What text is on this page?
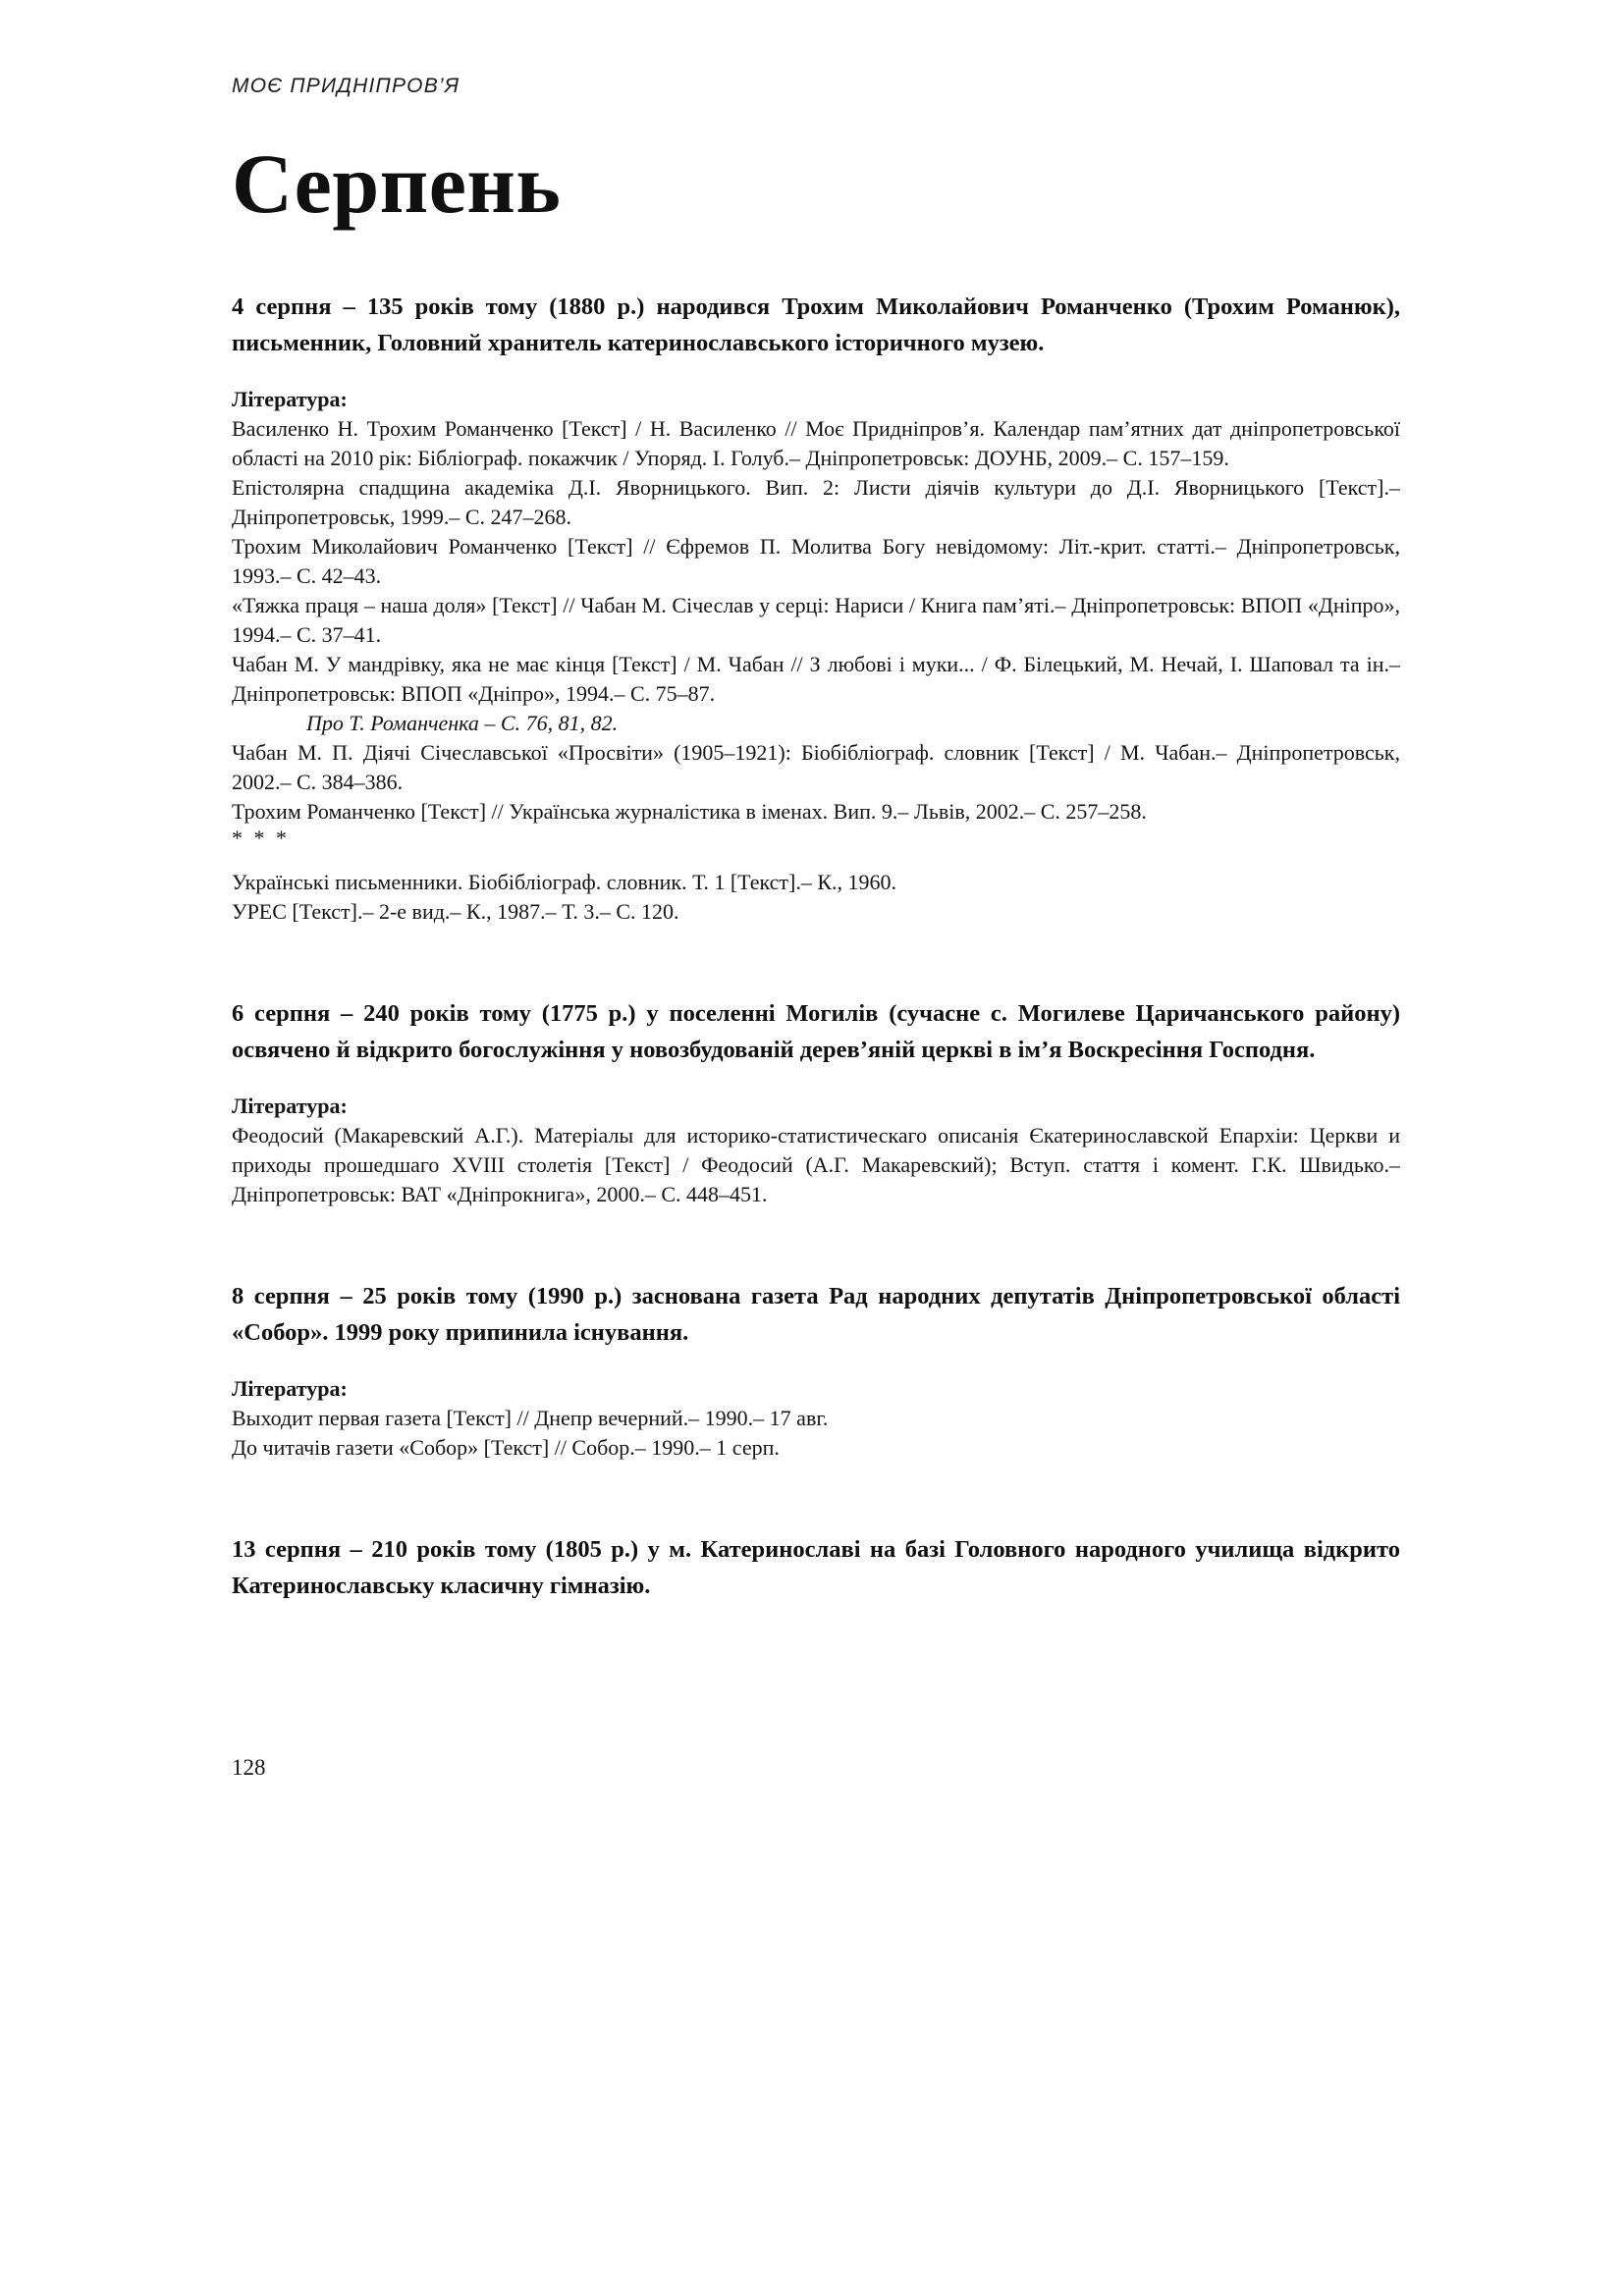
МОЄ ПРИДНІПРОВ’Я
Серпень

4 серпня – 135 років тому (1880 р.) народився Трохим Миколайович Романченко (Трохим Романюк), письменник, Головний хранитель катеринославського історичного музею.

Література:

Василенко Н. Трохим Романченко [Текст] / Н. Василенко // Моє Придніпров’я. Календар пам’ятних дат дніпропетровської області на 2010 рік: Бібліограф. покажчик / Упоряд. І. Голуб.– Дніпропетровськ: ДОУНБ, 2009.– С. 157–159.

Епістолярна спадщина академіка Д.І. Яворницького. Вип. 2: Листи діячів культури до Д.І. Яворницького [Текст].– Дніпропетровськ, 1999.– С. 247–268.

Трохим Миколайович Романченко [Текст] // Єфремов П. Молитва Богу невідомому: Літ.-крит. статті.– Дніпропетровськ, 1993.– С. 42–43.

«Тяжка праця – наша доля» [Текст] // Чабан М. Січеслав у серці: Нариси / Книга пам’яті.– Дніпропетровськ: ВПОП «Дніпро», 1994.– С. 37–41.

Чабан М. У мандрівку, яка не має кінця [Текст] / М. Чабан // З любові і муки... / Ф. Білецький, М. Нечай, І. Шаповал та ін.– Дніпропетровськ: ВПОП «Дніпро», 1994.– С. 75–87.

Про Т. Романченка – С. 76, 81, 82.

Чабан М. П. Діячі Січеславської «Просвіти» (1905–1921): Біобібліограф. словник [Текст] / М. Чабан.– Дніпропетровськ, 2002.– С. 384–386.

Трохим Романченко [Текст] // Українська журналістика в іменах. Вип. 9.– Львів, 2002.– С. 257–258.

* * *

Українські письменники. Біобібліограф. словник. Т. 1 [Текст].– К., 1960.

УРЕС [Текст].– 2-е вид.– К., 1987.– Т. 3.– С. 120.

6 серпня – 240 років тому (1775 р.) у поселенні Могилів (сучасне с. Могилеве Царичанського району) освячено й відкрито богослужіння у новозбудованій дерев’яній церкві в ім’я Воскресіння Господня.

Література:

Феодосий (Макаревский А.Г.). Матеріалы для историко-статистическаго описанія Єкатеринославской Епархіи: Церкви и приходы прошедшаго XVIII столетія [Текст] / Феодосий (А.Г. Макаревский); Вступ. стаття і комент. Г.К. Швидько.– Дніпропетровськ: ВАТ «Дніпрокнига», 2000.– С. 448–451.

8 серпня – 25 років тому (1990 р.) заснована газета Рад народних депутатів Дніпропетровської області «Собор». 1999 року припинила існування.

Література:

Выходит первая газета [Текст] // Днепр вечерний.– 1990.– 17 авг.

До читачів газети «Собор» [Текст] // Собор.– 1990.– 1 серп.

13 серпня – 210 років тому (1805 р.) у м. Катеринославі на базі Головного народного училища відкрито Катеринославську класичну гімназію.

128
